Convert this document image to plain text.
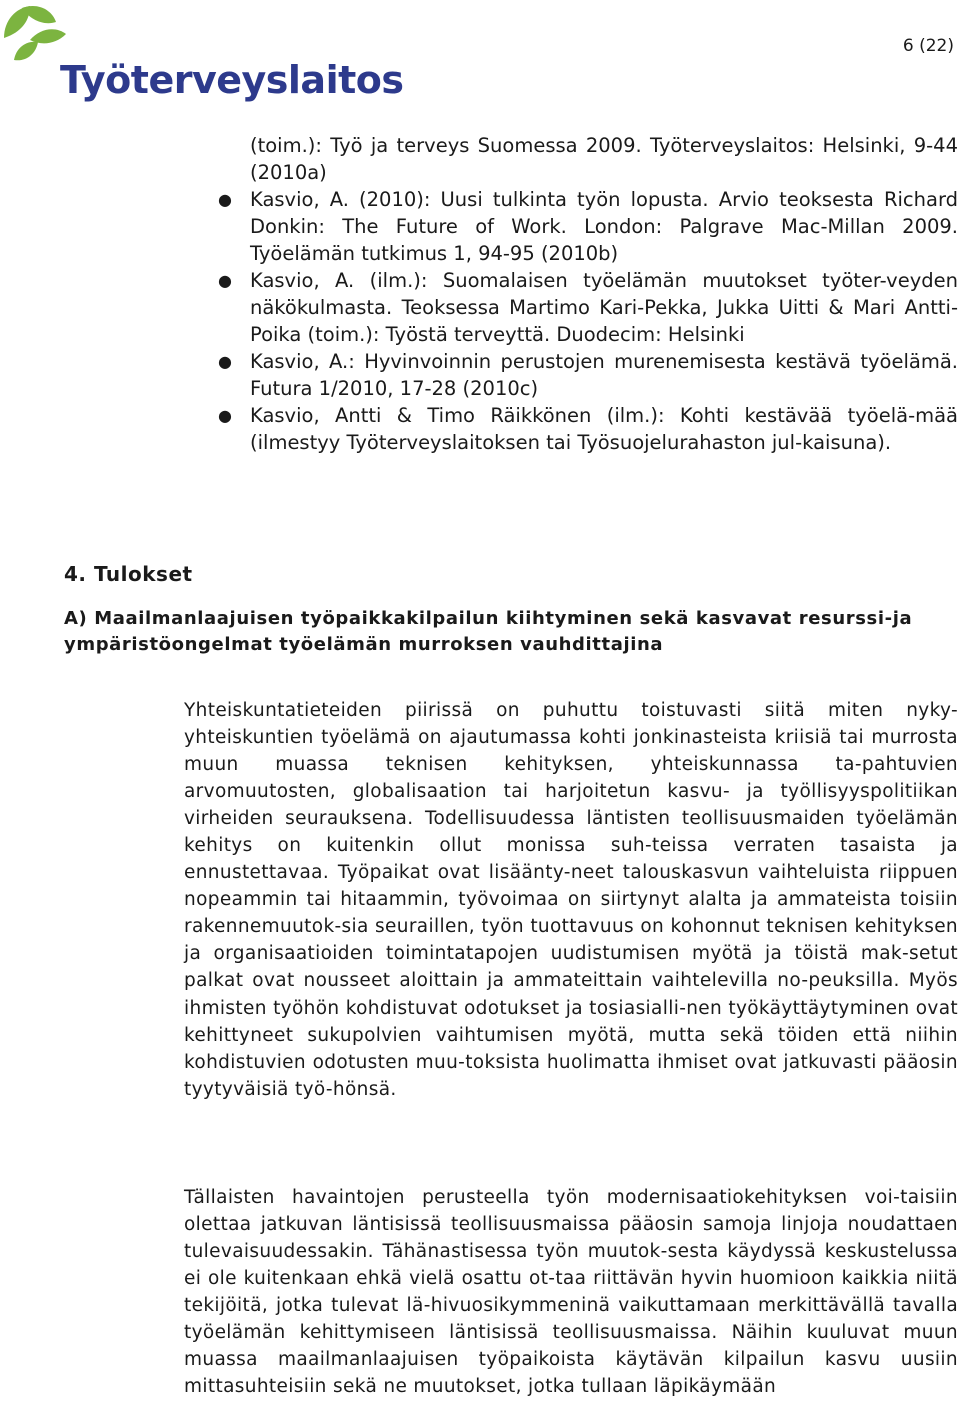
Työterveyslaitos
6 (22)

(toim.): Työ ja terveys Suomessa 2009. Työterveyslaitos: Helsinki, 9-44 (2010a)

● Kasvio, A. (2010): Uusi tulkinta työn lopusta. Arvio teoksesta Richard Donkin: The Future of Work. London: Palgrave Mac-Millan 2009. Työelämän tutkimus 1, 94-95 (2010b)

● Kasvio, A. (ilm.): Suomalaisen työelämän muutokset työter-veyden näkökulmasta. Teoksessa Martimo Kari-Pekka, Jukka Uitti & Mari Antti-Poika (toim.): Työstä terveyttä. Duodecim: Helsinki

● Kasvio, A.: Hyvinvoinnin perustojen murenemisesta kestävä työelämä. Futura 1/2010, 17-28 (2010c)

● Kasvio, Antti & Timo Räikkönen (ilm.): Kohti kestävää työelä-mää (ilmestyy Työterveyslaitoksen tai Työsuojelurahaston jul-kaisuna).

4. Tulokset
A) Maailmanlaajuisen työpaikkakilpailun kiihtyminen sekä kasvavat resurssi-ja ympäristöongelmat työelämän murroksen vauhdittajina

Yhteiskuntatieteiden piirissä on puhuttu toistuvasti siitä miten nyky-yhteiskuntien työelämä on ajautumassa kohti jonkinasteista kriisiä tai murrosta muun muassa teknisen kehityksen, yhteiskunnassa ta-pahtuvien arvomuutosten, globalisaation tai harjoitetun kasvu- ja työllisyyspolitiikan virheiden seurauksena. Todellisuudessa läntisten teollisuusmaiden työelämän kehitys on kuitenkin ollut monissa suh-teissa verraten tasaista ja ennustettavaa. Työpaikat ovat lisäänty-neet talouskasvun vaihteluista riippuen nopeammin tai hitaammin, työvoimaa on siirtynyt alalta ja ammateista toisiin rakennemuutok-sia seuraillen, työn tuottavuus on kohonnut teknisen kehityksen ja organisaatioiden toimintatapojen uudistumisen myötä ja töistä mak-setut palkat ovat nousseet aloittain ja ammateittain vaihtelevilla no-peuksilla. Myös ihmisten työhön kohdistuvat odotukset ja tosiasialli-nen työkäyttäytyminen ovat kehittyneet sukupolvien vaihtumisen myötä, mutta sekä töiden että niihin kohdistuvien odotusten muu-toksista huolimatta ihmiset ovat jatkuvasti pääosin tyytyväisiä työ-hönsä.

Tällaisten havaintojen perusteella työn modernisaatiokehityksen voi-taisiin olettaa jatkuvan läntisissä teollisuusmaissa pääosin samoja linjoja noudattaen tulevaisuudessakin. Tähänastisessa työn muutok-sesta käydyssä keskustelussa ei ole kuitenkaan ehkä vielä osattu ot-taa riittävän hyvin huomioon kaikkia niitä tekijöitä, jotka tulevat lä-hivuosikymmeninä vaikuttamaan merkittävällä tavalla työelämän kehittymiseen läntisissä teollisuusmaissa. Näihin kuuluvat muun muassa maailmanlaajuisen työpaikoista käytävän kilpailun kasvu uusiin mittasuhteisiin sekä ne muutokset, jotka tullaan läpikäymään
